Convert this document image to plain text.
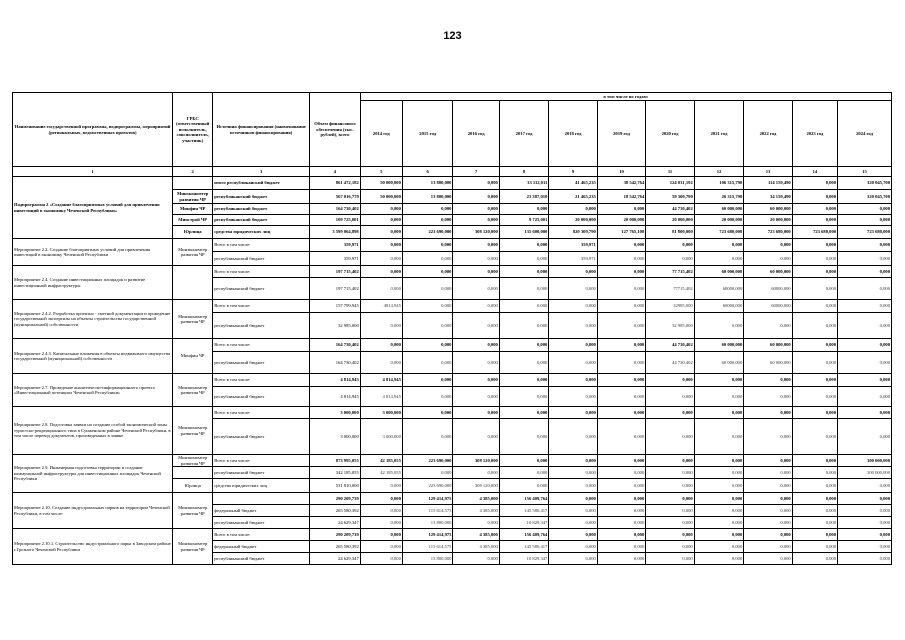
123
Наименование государственной программы, подпрограммы, мероприятий (региональных, ведомственных проектов)	ГРБС (ответственный исполнитель, соисполнитель, участник)	Источник финансирования (наименование источников финансирования)	Объем финансового обеспечения (тыс. рублей), всего	в том числе по годам:										
				2014 год	2015 год	2016 год	2017 год	2018 год	2019 год	2020 год	2021 год	2022 год	2023 год	2024 год
1	2	3	4	5	6	7	8	9	10	11	12	13	14	15
Подпрограмма 2 «Создание благоприятных условий для привлечения инвестиций в экономику Чеченской Республики»		итого республиканский бюджет	861 472,182	50 000,000	13 800,000	0,000	33 112,011	41 465,235	38 542,764	124 031,192	106 315,790	114 159,490	0,000	320 045,700
	Минэкономтер развития ЧР	республиканский бюджет	567 016,779	50 000,000	13 800,000	0,000	23 387,010	21 465,235	18 542,764	59 300,790	26 315,790	34 159,490	0,000	320 045,700
	Минфин ЧР	республиканский бюджет	164 730,402	0,000	0,000	0,000	0,000	0,000	0,000	44 730,402	60 000,000	60 000,000	0,000	0,000
	Минстрой ЧР	республиканский бюджет	109 725,001	0,000	0,000	0,000	9 725,001	20 000,000	20 000,000	20 000,000	20 000,000	20 000,000	0,000	0,000
	Юрлица	средства юридических лиц	3 599 064,898	0,000	223 690,000	308 120,000	135 600,000	820 309,790	127 765,108	81 800,000	723 680,000	723 680,000	723 680,000	723 680,000
Мероприятие 2.2. Создание благоприятных условий для привлечения инвестиций в экономику Чеченской Республики	Минэкономтер развития ЧР	Всего в том числе:	359,971	0,000	0,000	0,000	0,000	359,971	0,000	0,000	0,000	0,000	0,000	0,000
		республиканский бюджет	359,971	0,000	0,000	0,000	0,000	359,971	0,000	0,000	0,000	0,000	0,000	0,000
Мероприятие 2.4. Создание инвестиционных площадок и развитие инвестиционной инфраструктуры		Всего в том числе:	197 715,402	0,000	0,000	0,000	0,000	0,000	0,000	77 715,402	60 000,000	60 000,000	0,000	0,000
		республиканский бюджет	197 715,402	0,000	0,000	0,000	0,000	0,000	0,000	77715,402	60000,000	60000,000	0,000	0,000
Мероприятие 2.4.2. Разработка проектно - сметной документации и проведение государственной экспертизы на объекты строительства государственной (муниципальной) собственности	Минэкономтер развития ЧР	Всего в том числе:	157 799,945	4814,945	0,000	0,000	0,000	0,000	0,000	32985,000	60000,000	60000,000	0,000	0,000
		республиканский бюджет	32 985,000	0,000	0,000	0,000	0,000	0,000	0,000	32 985,000	0,000	0,000	0,000	0,000
Мероприятие 2.4.3. Капитальные вложения в объекты недвижимого имущества государственной (муниципальной) собственности	Минфин ЧР	Всего в том числе:	164 730,402	0,000	0,000	0,000	0,000	0,000	0,000	44 730,402	60 000,000	60 000,000	0,000	0,000
		республиканский бюджет	164 730,402	0,000	0,000	0,000	0,000	0,000	0,000	44 730,402	60 000,000	60 000,000	0,000	0,000
Мероприятие 2.7. Проведение аналитическо-информационного проекта «Инвестиционный потенциал Чеченской Республики»	Минэкономтер развития ЧР	Всего в том числе:	4 814,945	4 814,945	0,000	0,000	0,000	0,000	0,000	0,000	0,000	0,000	0,000	0,000
		республиканский бюджет	4 814,945	4 814,945	0,000	0,000	0,000	0,000	0,000	0,000	0,000	0,000	0,000	0,000
Мероприятие 2.8. Подготовка заявки на создание особой экономической зоны туристско-рекреационного типа в Сунженском районе Чеченской Республики, в том числе перевод документов, произведенных в заявке	Минэкономтер развития ЧР	Всего в том числе:	3 000,000	3 000,000	0,000	0,000	0,000	0,000	0,000	0,000	0,000	0,000	0,000	0,000
		республиканский бюджет	3 000,000	3 000,000	0,000	0,000	0,000	0,000	0,000	0,000	0,000	0,000	0,000	0,000
Мероприятие 2.9. Инженерная подготовка территории и создание коммунальной инфраструктуры для инвестиционных площадок Чеченской Республики	Минэкономтер развития ЧР	Всего в том числе:	873 995,055	42 185,055	223 690,000	308 120,000	0,000	0,000	0,000	0,000	0,000	0,000	0,000	300 000,000
		республиканский бюджет	342 185,055	42 185,055	0,000	0,000	0,000	0,000	0,000	0,000	0,000	0,000	0,000	300 000,000
	Юрлица	средства юридических лиц	531 810,000	0,000	223 690,000	308 120,000	0,000	0,000	0,000	0,000	0,000	0,000	0,000	0,000
Мероприятие 2.10. Создание индустриальных парков на территории Чеченской Республики, в том числе:	Минэкономтер развития ЧР		290 209,739	0,000	129 414,975	4 385,000	156 409,764	0,000	0,000	0,000	0,000	0,000	0,000	0,000
		федеральный бюджет	265 580,392	0,000	115 614,575	4 385,000	145 580,417	0,000	0,000	0,000	0,000	0,000	0,000	0,000
		республиканский бюджет	24 629,347	0,000	13 800,000	0,000	10 829,347	0,000	0,000	0,000	0,000	0,000	0,000	0,000
Мероприятие 2.10.1. Строительство индустриального парка в Заводском районе г.Грозного Чеченской Республики	Минэкономтер развития ЧР	Всего в том числе:	290 209,739	0,000	129 414,975	4 385,000	156 409,764	0,000	0,000	0,000	0,000	0,000	0,000	0,000
		федеральный бюджет	265 580,392	0,000	115 614,575	4 385,000	145 580,417	0,000	0,000	0,000	0,000	0,000	0,000	0,000
		республиканский бюджет	24 629,347	0,000	13 800,000	0,000	10 829,347	0,000	0,000	0,000	0,000	0,000	0,000	0,000
